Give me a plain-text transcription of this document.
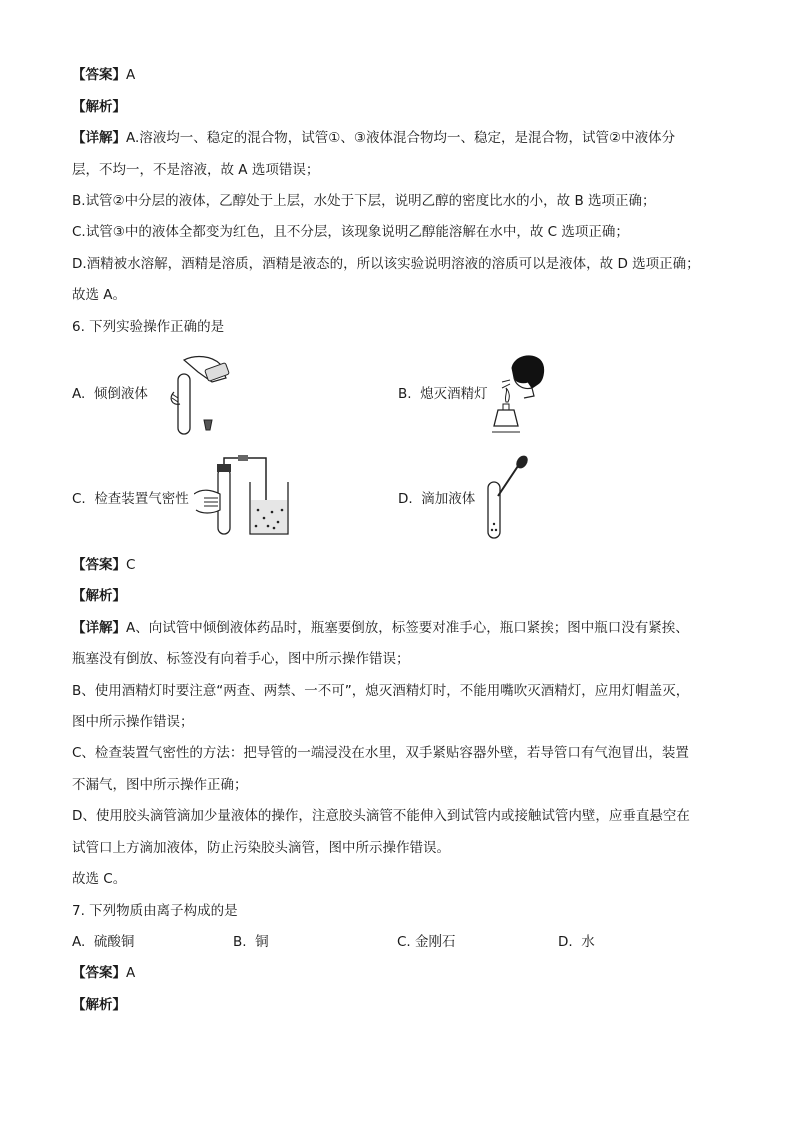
【答案】A
【解析】
【详解】A.溶液均一、稳定的混合物，试管①、③液体混合物均一、稳定，是混合物，试管②中液体分
层，不均一，不是溶液，故 A 选项错误；
B.试管②中分层的液体，乙醇处于上层，水处于下层，说明乙醇的密度比水的小，故 B 选项正确；
C.试管③中的液体全都变为红色，且不分层，该现象说明乙醇能溶解在水中，故 C 选项正确；
D.酒精被水溶解，酒精是溶质，酒精是液态的，所以该实验说明溶液的溶质可以是液体，故 D 选项正确；
故选 A。
6. 下列实验操作正确的是
A. 倾倒液体	B. 熄灭酒精灯
C. 检查装置气密性	D. 滴加液体
【答案】C
【解析】
【详解】A、向试管中倾倒液体药品时，瓶塞要倒放，标签要对准手心，瓶口紧挨；图中瓶口没有紧挨、
瓶塞没有倒放、标签没有向着手心，图中所示操作错误；
B、使用酒精灯时要注意“两查、两禁、一不可”，熄灭酒精灯时，不能用嘴吹灭酒精灯，应用灯帽盖灭，
图中所示操作错误；
C、检查装置气密性的方法：把导管的一端浸没在水里，双手紧贴容器外壁，若导管口有气泡冒出，装置
不漏气，图中所示操作正确；
D、使用胶头滴管滴加少量液体的操作，注意胶头滴管不能伸入到试管内或接触试管内壁，应垂直悬空在
试管口上方滴加液体，防止污染胶头滴管，图中所示操作错误。
故选 C。
7. 下列物质由离子构成的是
A. 硫酸铜	B. 铜	C. 金刚石	D. 水
【答案】A
【解析】
